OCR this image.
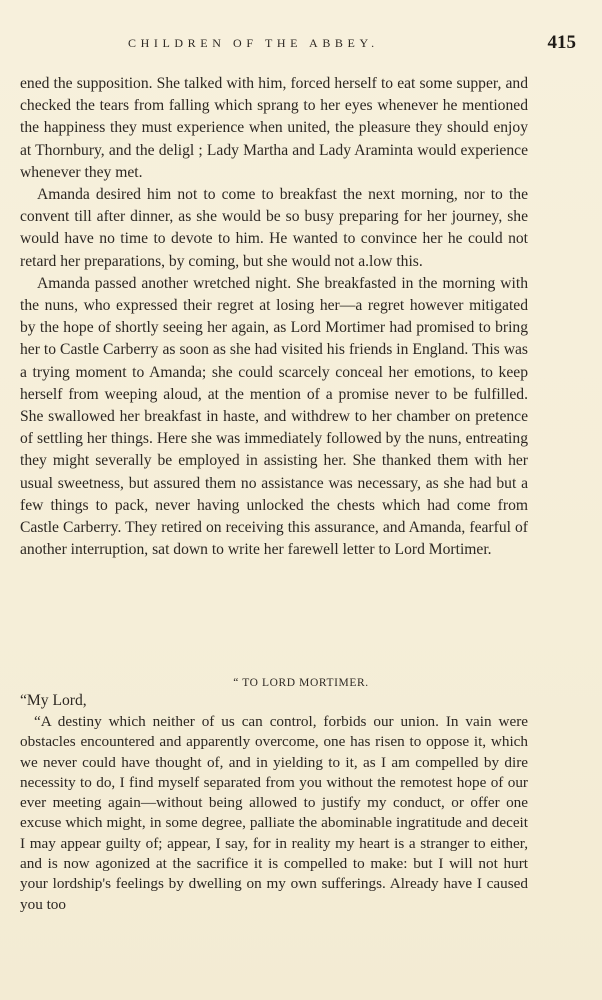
CHILDREN OF THE ABBEY.	415

ened the supposition. She talked with him, forced herself to eat some supper, and checked the tears from falling which sprang to her eyes whenever he mentioned the happiness they must experience when united, the pleasure they should enjoy at Thornbury, and the deligl ; Lady Martha and Lady Araminta would experience whenever they met.

Amanda desired him not to come to breakfast the next morning, nor to the convent till after dinner, as she would be so busy preparing for her journey, she would have no time to devote to him. He wanted to convince her he could not retard her preparations, by coming, but she would not a.low this.

Amanda passed another wretched night. She breakfasted in the morning with the nuns, who expressed their regret at losing her—a regret however mitigated by the hope of shortly seeing her again, as Lord Mortimer had promised to bring her to Castle Carberry as soon as she had visited his friends in England. This was a trying moment to Amanda; she could scarcely conceal her emotions, to keep herself from weeping aloud, at the mention of a promise never to be fulfilled. She swallowed her breakfast in haste, and withdrew to her chamber on pretence of settling her things. Here she was immediately followed by the nuns, entreating they might severally be employed in assisting her. She thanked them with her usual sweetness, but assured them no assistance was necessary, as she had but a few things to pack, never having unlocked the chests which had come from Castle Carberry. They retired on receiving this assurance, and Amanda, fearful of another interruption, sat down to write her farewell letter to Lord Mortimer.

“ TO LORD MORTIMER.
“My Lord,

“A destiny which neither of us can control, forbids our union. In vain were obstacles encountered and apparently overcome, one has risen to oppose it, which we never could have thought of, and in yielding to it, as I am compelled by dire necessity to do, I find myself separated from you without the remotest hope of our ever meeting again—without being allowed to justify my conduct, or offer one excuse which might, in some degree, palliate the abominable ingratitude and deceit I may appear guilty of; appear, I say, for in reality my heart is a stranger to either, and is now agonized at the sacrifice it is compelled to make: but I will not hurt your lordship's feelings by dwelling on my own sufferings. Already have I caused you too
